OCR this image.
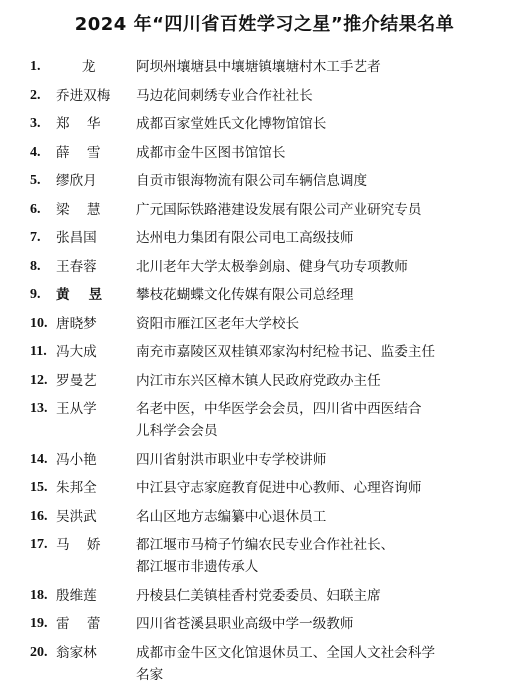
2024 年“四川省百姓学习之星”推介结果名单
1.	龙	阿坝州壤塘县中壤塘镇壤塘村木工手艺者
2.	乔进双梅	马边花间刺绣专业合作社社长
3.	郑    华	成都百家堂姓氏文化博物馆馆长
4.	薛    雪	成都市金牛区图书馆馆长
5.	缪欣月	自贡市银海物流有限公司车辆信息调度
6.	梁    慧	广元国际铁路港建设发展有限公司产业研究专员
7.	张昌国	达州电力集团有限公司电工高级技师
8.	王春蓉	北川老年大学太极拳剑扇、健身气功专项教师
9.	黄    昱	攀枝花蝴蝶文化传媒有限公司总经理
10. 唐晓梦	资阳市雁江区老年大学校长
11. 冯大成	南充市嘉陵区双桂镇邓家沟村纪检书记、监委主任
12. 罗曼艺	内江市东兴区樟木镇人民政府党政办主任
13. 王从学	名老中医，中华医学会会员，四川省中西医结合
儿科学会会员
14. 冯小艳	四川省射洪市职业中专学校讲师
15. 朱邦全	中江县守志家庭教育促进中心教师、心理咨询师
16. 吴洪武	名山区地方志编纂中心退休员工
17. 马    娇	都江堰市马椅子竹编农民专业合作社社长、
都江堰市非遗传承人
18. 殷维莲	丹棱县仁美镇桂香村党委委员、妇联主席
19. 雷    蕾	四川省苍溪县职业高级中学一级教师
20. 翁家林	成都市金牛区文化馆退休员工、全国人文社会科学
名家
